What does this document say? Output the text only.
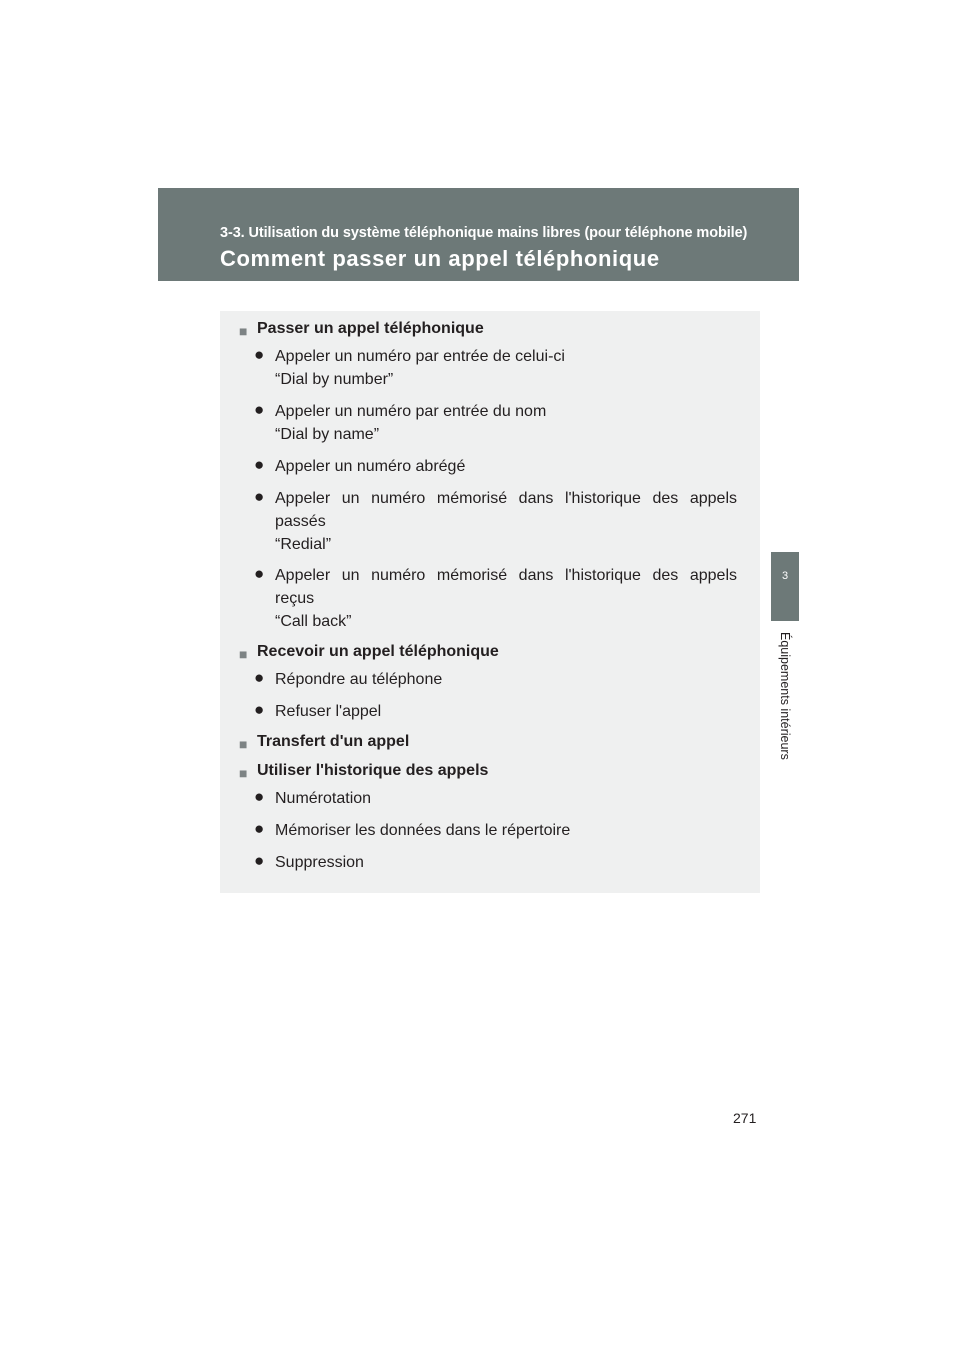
3-3. Utilisation du système téléphonique mains libres (pour téléphone mobile)
Comment passer un appel téléphonique
3
Équipements intérieurs
■ Passer un appel téléphonique
● Appeler un numéro par entrée de celui-ci
“Dial by number”
● Appeler un numéro par entrée du nom
“Dial by name”
● Appeler un numéro abrégé
● Appeler un numéro mémorisé dans l'historique des appels
passés
“Redial”
● Appeler un numéro mémorisé dans l'historique des appels
reçus
“Call back”
■ Recevoir un appel téléphonique
● Répondre au téléphone
● Refuser l'appel
■ Transfert d'un appel
■ Utiliser l'historique des appels
● Numérotation
● Mémoriser les données dans le répertoire
● Suppression
271
